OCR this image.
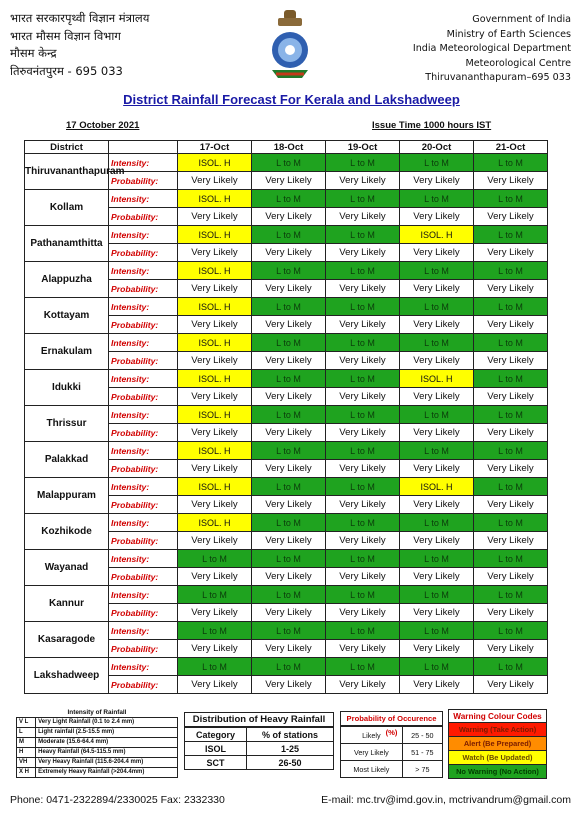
भारत सरकारपृथ्वी विज्ञान मंत्रालय
भारत मौसम विज्ञान विभाग
मौसम केन्द्र
तिरुवनंतपुरम - 695 033
Government of India
Ministry of Earth Sciences
India Meteorological Department
Meteorological Centre
Thiruvananthapuram–695 033
District Rainfall Forecast For Kerala and Lakshadweep
17 October 2021	Issue Time 1000 hours IST
District		17-Oct	18-Oct	19-Oct	20-Oct	21-Oct
Thiruvananthapuram	Intensity:	ISOL. H	L to M	L to M	L to M	L to M
	Probability:	Very Likely	Very Likely	Very Likely	Very Likely	Very Likely
Kollam	Intensity:	ISOL. H	L to M	L to M	L to M	L to M
	Probability:	Very Likely	Very Likely	Very Likely	Very Likely	Very Likely
Pathanamthitta	Intensity:	ISOL. H	L to M	L to M	ISOL. H	L to M
	Probability:	Very Likely	Very Likely	Very Likely	Very Likely	Very Likely
Alappuzha	Intensity:	ISOL. H	L to M	L to M	L to M	L to M
	Probability:	Very Likely	Very Likely	Very Likely	Very Likely	Very Likely
Kottayam	Intensity:	ISOL. H	L to M	L to M	L to M	L to M
	Probability:	Very Likely	Very Likely	Very Likely	Very Likely	Very Likely
Ernakulam	Intensity:	ISOL. H	L to M	L to M	L to M	L to M
	Probability:	Very Likely	Very Likely	Very Likely	Very Likely	Very Likely
Idukki	Intensity:	ISOL. H	L to M	L to M	ISOL. H	L to M
	Probability:	Very Likely	Very Likely	Very Likely	Very Likely	Very Likely
Thrissur	Intensity:	ISOL. H	L to M	L to M	L to M	L to M
	Probability:	Very Likely	Very Likely	Very Likely	Very Likely	Very Likely
Palakkad	Intensity:	ISOL. H	L to M	L to M	L to M	L to M
	Probability:	Very Likely	Very Likely	Very Likely	Very Likely	Very Likely
Malappuram	Intensity:	ISOL. H	L to M	L to M	ISOL. H	L to M
	Probability:	Very Likely	Very Likely	Very Likely	Very Likely	Very Likely
Kozhikode	Intensity:	ISOL. H	L to M	L to M	L to M	L to M
	Probability:	Very Likely	Very Likely	Very Likely	Very Likely	Very Likely
Wayanad	Intensity:	L to M	L to M	L to M	L to M	L to M
	Probability:	Very Likely	Very Likely	Very Likely	Very Likely	Very Likely
Kannur	Intensity:	L to M	L to M	L to M	L to M	L to M
	Probability:	Very Likely	Very Likely	Very Likely	Very Likely	Very Likely
Kasaragode	Intensity:	L to M	L to M	L to M	L to M	L to M
	Probability:	Very Likely	Very Likely	Very Likely	Very Likely	Very Likely
Lakshadweep	Intensity:	L to M	L to M	L to M	L to M	L to M
	Probability:	Very Likely	Very Likely	Very Likely	Very Likely	Very Likely
Intensity of Rainfall	
V L	Very Light Rainfall (0.1 to 2.4 mm)
L	Light rainfall (2.5-15.5 mm)
M	Moderate (15.6-64.4 mm)
H	Heavy Rainfall (64.5-115.5 mm)
VH	Very Heavy Rainfall (115.6-204.4 mm)
X H	Extremely Heavy Rainfall (>204.4mm)
Distribution of Heavy Rainfall
Category	% of stations
ISOL	1-25
SCT	26-50
Probability of Occurence (%)
Likely	25 - 50
Very Likely	51 - 75
Most Likely	> 75
Warning Colour Codes
Warning (Take Action)
Alert (Be Prepared)
Watch (Be Updated)
No Warning (No Action)
Phone: 0471-2322894/2330025 Fax: 2332330	E-mail: mc.trv@imd.gov.in, mctrivandrum@gmail.com
